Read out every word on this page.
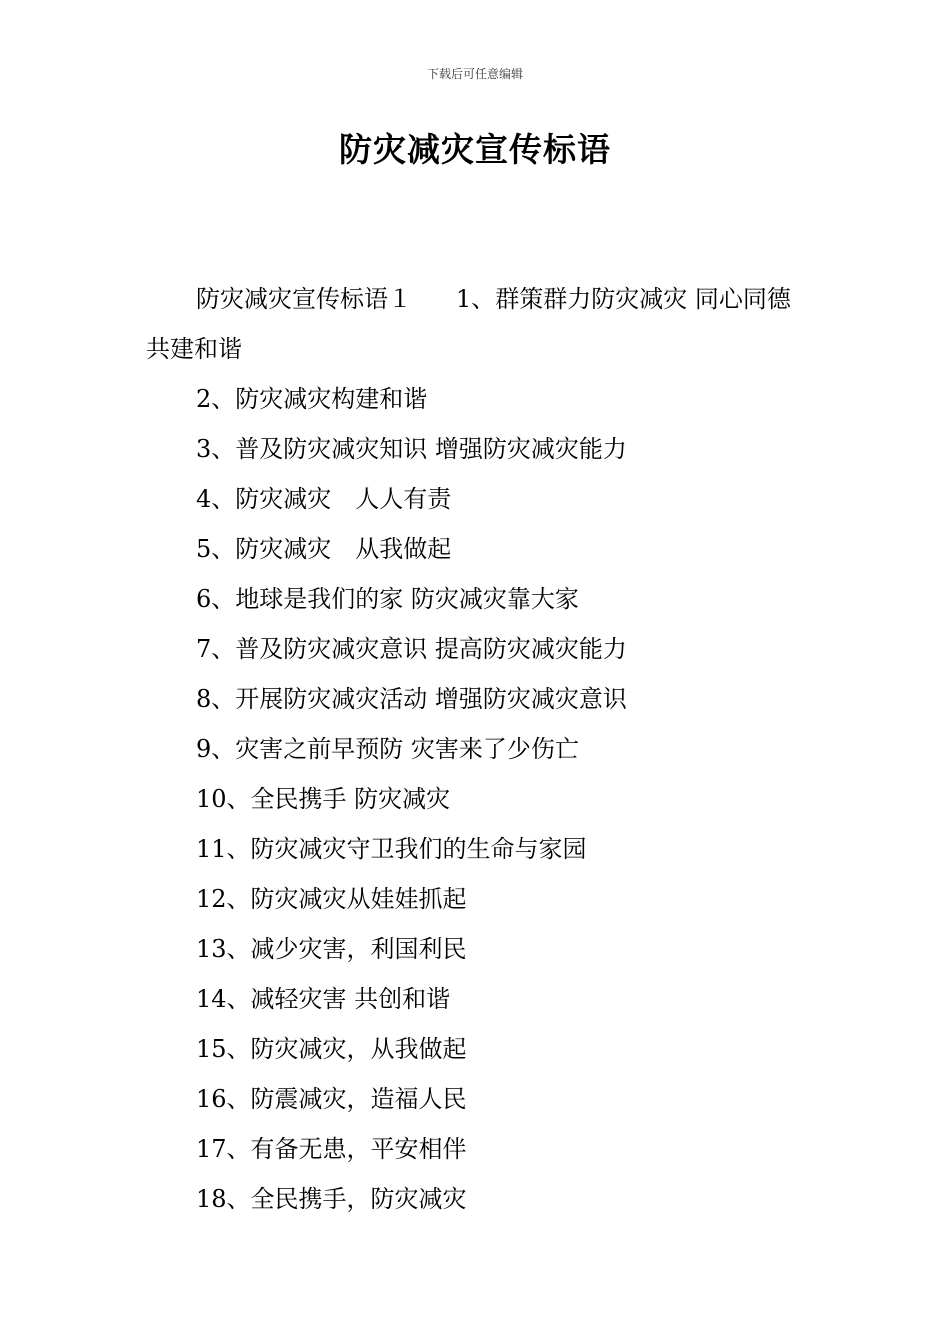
下载后可任意编辑
防灾减灾宣传标语

防灾减灾宣传标语１ 1、群策群力防灾减灾 同心同德共建和谐

2、防灾减灾构建和谐
3、普及防灾减灾知识 增强防灾减灾能力
4、防灾减灾　人人有责
5、防灾减灾　从我做起
6、地球是我们的家 防灾减灾靠大家
7、普及防灾减灾意识 提高防灾减灾能力
8、开展防灾减灾活动 增强防灾减灾意识
9、灾害之前早预防 灾害来了少伤亡
10、全民携手 防灾减灾
11、防灾减灾守卫我们的生命与家园
12、防灾减灾从娃娃抓起
13、减少灾害，利国利民
14、减轻灾害 共创和谐
15、防灾减灾，从我做起
16、防震减灾，造福人民
17、有备无患，平安相伴
18、全民携手，防灾减灾
